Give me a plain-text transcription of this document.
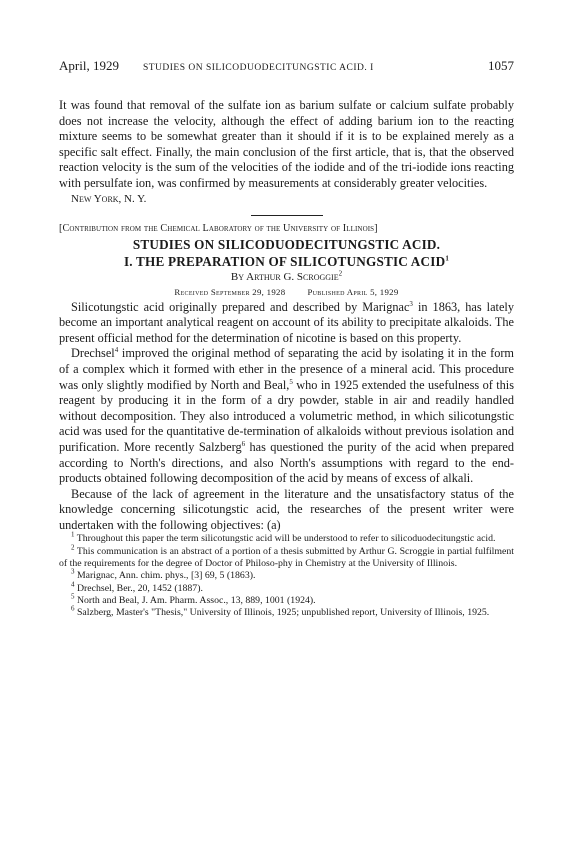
April, 1929	STUDIES ON SILICODUODECITUNGSTIC ACID. I	1057

It was found that removal of the sulfate ion as barium sulfate or calcium sulfate probably does not increase the velocity, although the effect of adding barium ion to the reacting mixture seems to be somewhat greater than it should if it is to be explained merely as a specific salt effect. Finally, the main conclusion of the first article, that is, that the observed reaction velocity is the sum of the velocities of the iodide and of the tri-iodide ions reacting with persulfate ion, was confirmed by measurements at considerably greater velocities.

New York, N. Y.
[Contribution from the Chemical Laboratory of the University of Illinois]
STUDIES ON SILICODUODECITUNGSTIC ACID.
I. THE PREPARATION OF SILICOTUNGSTIC ACID$^1$
By Arthur G. Scroggie$^2$
Received September 29, 1928	Published April 5, 1929

Silicotungstic acid originally prepared and described by Marignac$^3$ in 1863, has lately become an important analytical reagent on account of its ability to precipitate alkaloids. The present official method for the determination of nicotine is based on this property.

Drechsel$^4$ improved the original method of separating the acid by isolating it in the form of a complex which it formed with ether in the presence of a mineral acid. This procedure was only slightly modified by North and Beal,$^5$ who in 1925 extended the usefulness of this reagent by producing it in the form of a dry powder, stable in air and readily handled without decomposition. They also introduced a volumetric method, in which silicotungstic acid was used for the quantitative de-termination of alkaloids without previous isolation and purification. More recently Salzberg$^6$ has questioned the purity of the acid when prepared according to North's directions, and also North's assumptions with regard to the end-products obtained following decomposition of the acid by means of excess of alkali.

Because of the lack of agreement in the literature and the unsatisfactory status of the knowledge concerning silicotungstic acid, the researches of the present writer were undertaken with the following objectives: (a)

$^1$ Throughout this paper the term silicotungstic acid will be understood to refer to silicoduodecitungstic acid.
$^2$ This communication is an abstract of a portion of a thesis submitted by Arthur G. Scroggie in partial fulfilment of the requirements for the degree of Doctor of Philoso-phy in Chemistry at the University of Illinois.
$^3$ Marignac, Ann. chim. phys., [3] 69, 5 (1863).
$^4$ Drechsel, Ber., 20, 1452 (1887).
$^5$ North and Beal, J. Am. Pharm. Assoc., 13, 889, 1001 (1924).
$^6$ Salzberg, Master's "Thesis," University of Illinois, 1925; unpublished report, University of Illinois, 1925.
